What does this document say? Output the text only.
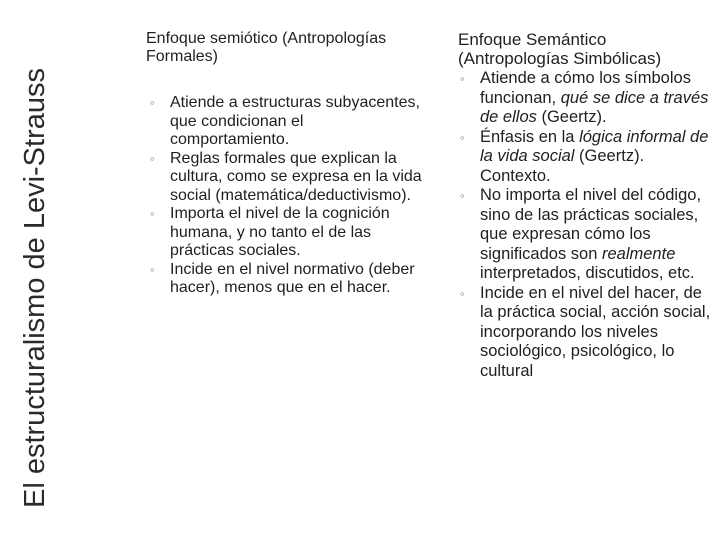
El estructuralismo de Levi-Strauss
Enfoque semiótico (Antropologías Formales)
◦ Atiende a estructuras subyacentes, que condicionan el comportamiento.
◦ Reglas formales que explican la cultura, como se expresa en la vida social (matemática/deductivismo).
◦ Importa el nivel de la cognición humana, y no tanto el de las prácticas sociales.
◦ Incide en el nivel normativo (deber hacer), menos que en el hacer.
Enfoque Semántico (Antropologías Simbólicas)
◦ Atiende a cómo los símbolos funcionan, qué se dice a través de ellos (Geertz).
◦ Énfasis en la lógica informal de la vida social (Geertz). Contexto.
◦ No importa el nivel del código, sino de las prácticas sociales, que expresan cómo los significados son realmente interpretados, discutidos, etc.
◦ Incide en el nivel del hacer, de la práctica social, acción social, incorporando los niveles sociológico, psicológico, lo cultural
